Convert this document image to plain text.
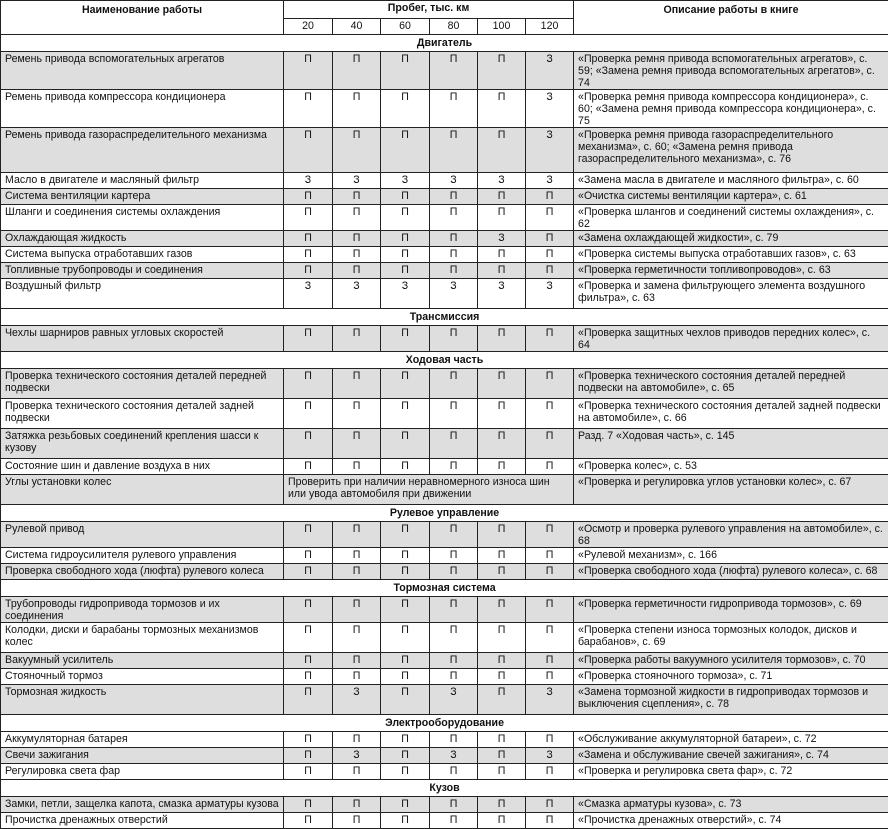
Наименование работы	Пробег, тыс. км						Описание работы в книге
	20	40	60	80	100	120	
Двигатель							
Ремень привода вспомогательных агрегатов	П	П	П	П	П	З	«Проверка ремня привода вспомогательных агрегатов», с. 59; «Замена ремня привода вспомогательных агрегатов», с. 74
Ремень привода компрессора кондиционера	П	П	П	П	П	З	«Проверка ремня привода компрессора кондиционера», с. 60; «Замена ремня привода компрессора кондиционера», с. 75
Ремень привода газораспределительного механизма	П	П	П	П	П	З	«Проверка ремня привода газораспределительного механизма», с. 60; «Замена ремня привода газораспределительного механизма», с. 76
Масло в двигателе и масляный фильтр	З	З	З	З	З	З	«Замена масла в двигателе и масляного фильтра», с. 60
Система вентиляции картера	П	П	П	П	П	П	«Очистка системы вентиляции картера», с. 61
Шланги и соединения системы охлаждения	П	П	П	П	П	П	«Проверка шлангов и соединений системы охлаждения», с. 62
Охлаждающая жидкость	П	П	П	П	З	П	«Замена охлаждающей жидкости», с. 79
Система выпуска отработавших газов	П	П	П	П	П	П	«Проверка системы выпуска отработавших газов», с. 63
Топливные трубопроводы и соединения	П	П	П	П	П	П	«Проверка герметичности топливопроводов», с. 63
Воздушный фильтр	З	З	З	З	З	З	«Проверка и замена фильтрующего элемента воздушного фильтра», с. 63
Трансмиссия							
Чехлы шарниров равных угловых скоростей	П	П	П	П	П	П	«Проверка защитных чехлов приводов передних колес», с. 64
Ходовая часть							
Проверка технического состояния деталей передней подвески	П	П	П	П	П	П	«Проверка технического состояния деталей передней подвески на автомобиле», с. 65
Проверка технического состояния деталей задней подвески	П	П	П	П	П	П	«Проверка технического состояния деталей задней подвески на автомобиле», с. 66
Затяжка резьбовых соединений крепления шасси к кузову	П	П	П	П	П	П	Разд. 7 «Ходовая часть», с. 145
Состояние шин и давление воздуха в них	П	П	П	П	П	П	«Проверка колес», с. 53
Углы установки колес	Проверить при наличии неравномерного износа шин или увода автомобиля при движении						«Проверка и регулировка углов установки колес», с. 67
Рулевое управление							
Рулевой привод	П	П	П	П	П	П	«Осмотр и проверка рулевого управления на автомобиле», с. 68
Система гидроусилителя рулевого управления	П	П	П	П	П	П	«Рулевой механизм», с. 166
Проверка свободного хода (люфта) рулевого колеса	П	П	П	П	П	П	«Проверка свободного хода (люфта) рулевого колеса», с. 68
Тормозная система							
Трубопроводы гидропривода тормозов и их соединения	П	П	П	П	П	П	«Проверка герметичности гидропривода тормозов», с. 69
Колодки, диски и барабаны тормозных механизмов колес	П	П	П	П	П	П	«Проверка степени износа тормозных колодок, дисков и барабанов», с. 69
Вакуумный усилитель	П	П	П	П	П	П	«Проверка работы вакуумного усилителя тормозов», с. 70
Стояночный тормоз	П	П	П	П	П	П	«Проверка стояночного тормоза», с. 71
Тормозная жидкость	П	З	П	З	П	З	«Замена тормозной жидкости в гидроприводах тормозов и выключения сцепления», с. 78
Электрооборудование							
Аккумуляторная батарея	П	П	П	П	П	П	«Обслуживание аккумуляторной батареи», с. 72
Свечи зажигания	П	З	П	З	П	З	«Замена и обслуживание свечей зажигания», с. 74
Регулировка света фар	П	П	П	П	П	П	«Проверка и регулировка света фар», с. 72
Кузов							
Замки, петли, защелка капота, смазка арматуры кузова	П	П	П	П	П	П	«Смазка арматуры кузова», с. 73
Прочистка дренажных отверстий	П	П	П	П	П	П	«Прочистка дренажных отверстий», с. 74
